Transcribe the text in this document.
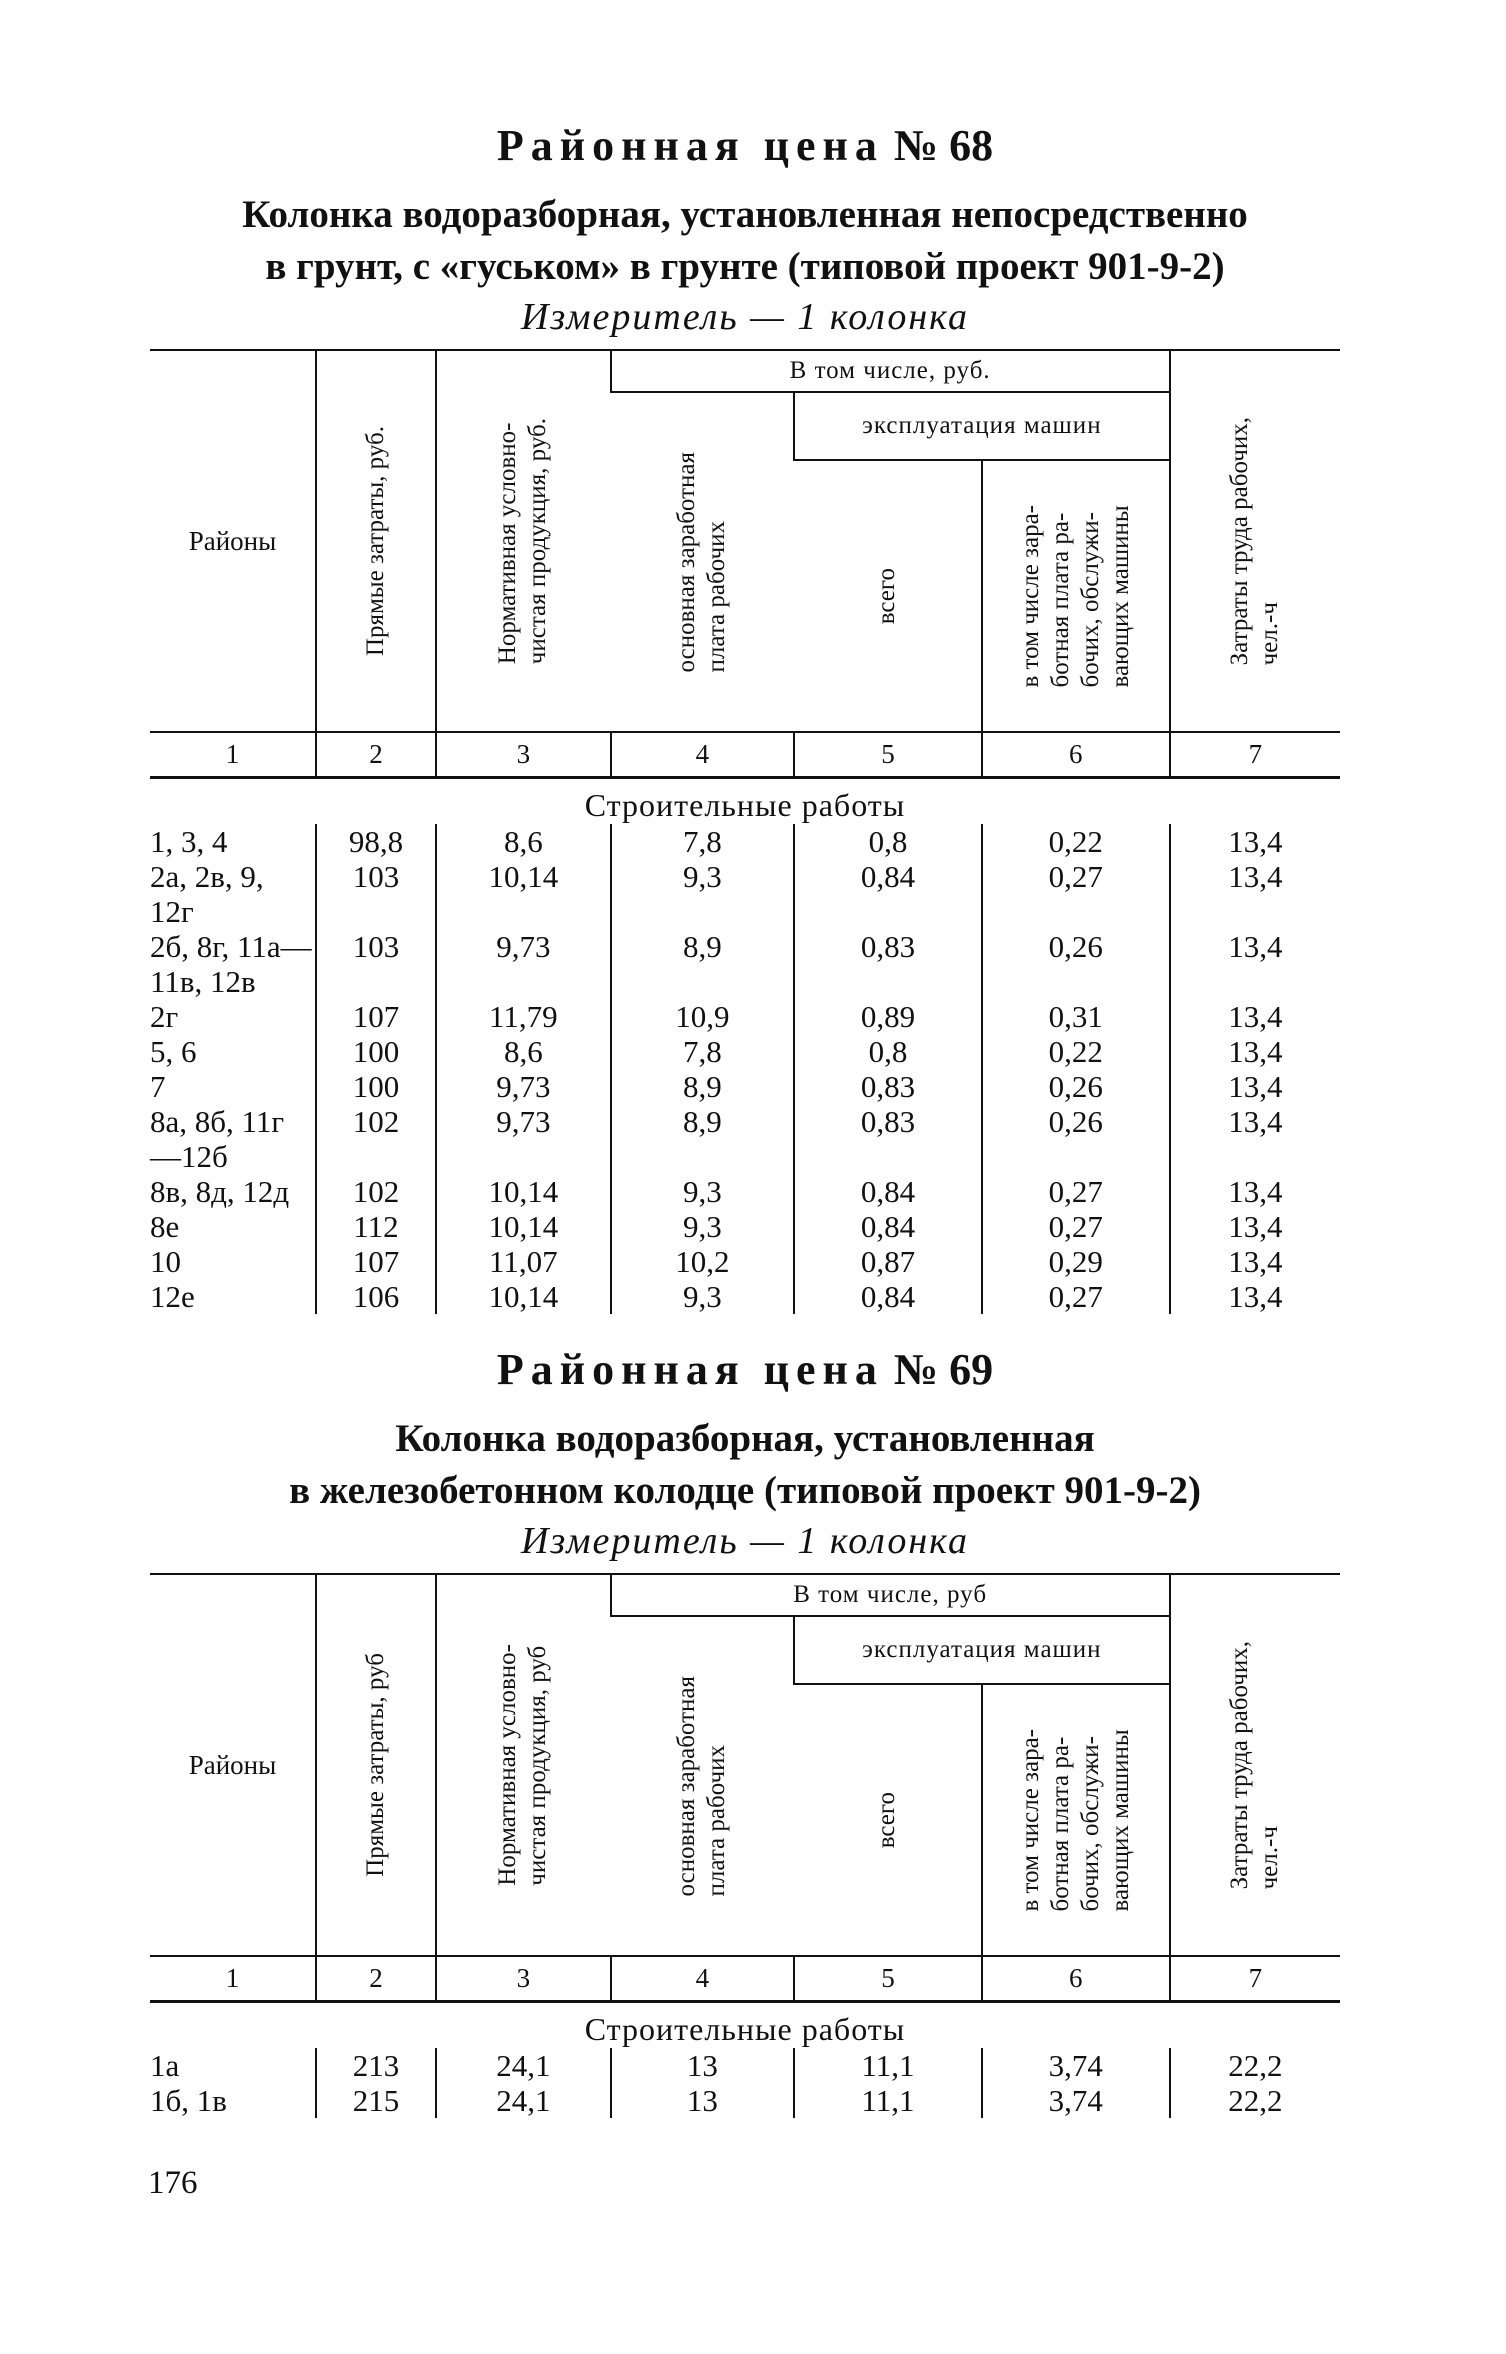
Районная цена № 68

Колонка водоразборная, установленная непосредственно
в грунт, с «гуськом» в грунте (типовой проект 901-9-2)

Измеритель — 1 колонка
Районы	Прямые затраты, руб.	Нормативная условно- чистая продукция, руб.	В том числе, руб.			Затраты труда рабочих, чел.-ч

			основная заработная плата рабочих	эксплуатация машин		

				всего	в том числе зара- ботная плата ра- бочих, обслужи- вающих машины	

1	2	3	4	5	6	7
Строительные работы						
1, 3, 4	98,8	8,6	7,8	0,8	0,22	13,4
2а, 2в, 9, 12г	103	10,14	9,3	0,84	0,27	13,4
2б, 8г, 11а—11в, 12в	103	9,73	8,9	0,83	0,26	13,4
2г	107	11,79	10,9	0,89	0,31	13,4
5, 6	100	8,6	7,8	0,8	0,22	13,4
7	100	9,73	8,9	0,83	0,26	13,4
8а, 8б, 11г—12б	102	9,73	8,9	0,83	0,26	13,4
8в, 8д, 12д	102	10,14	9,3	0,84	0,27	13,4
8е	112	10,14	9,3	0,84	0,27	13,4
10	107	11,07	10,2	0,87	0,29	13,4
12е	106	10,14	9,3	0,84	0,27	13,4
Районная цена № 69

Колонка водоразборная, установленная
в железобетонном колодце (типовой проект 901-9-2)

Измеритель — 1 колонка
Районы	Прямые затраты, руб	Нормативная условно- чистая продукция, руб	В том числе, руб			Затраты труда рабочих, чел.-ч

			основная заработная плата рабочих	эксплуатация машин		

				всего	в том числе зара- ботная плата ра- бочих, обслужи- вающих машины	

1	2	3	4	5	6	7
Строительные работы						
1а	213	24,1	13	11,1	3,74	22,2
1б, 1в	215	24,1	13	11,1	3,74	22,2
176
